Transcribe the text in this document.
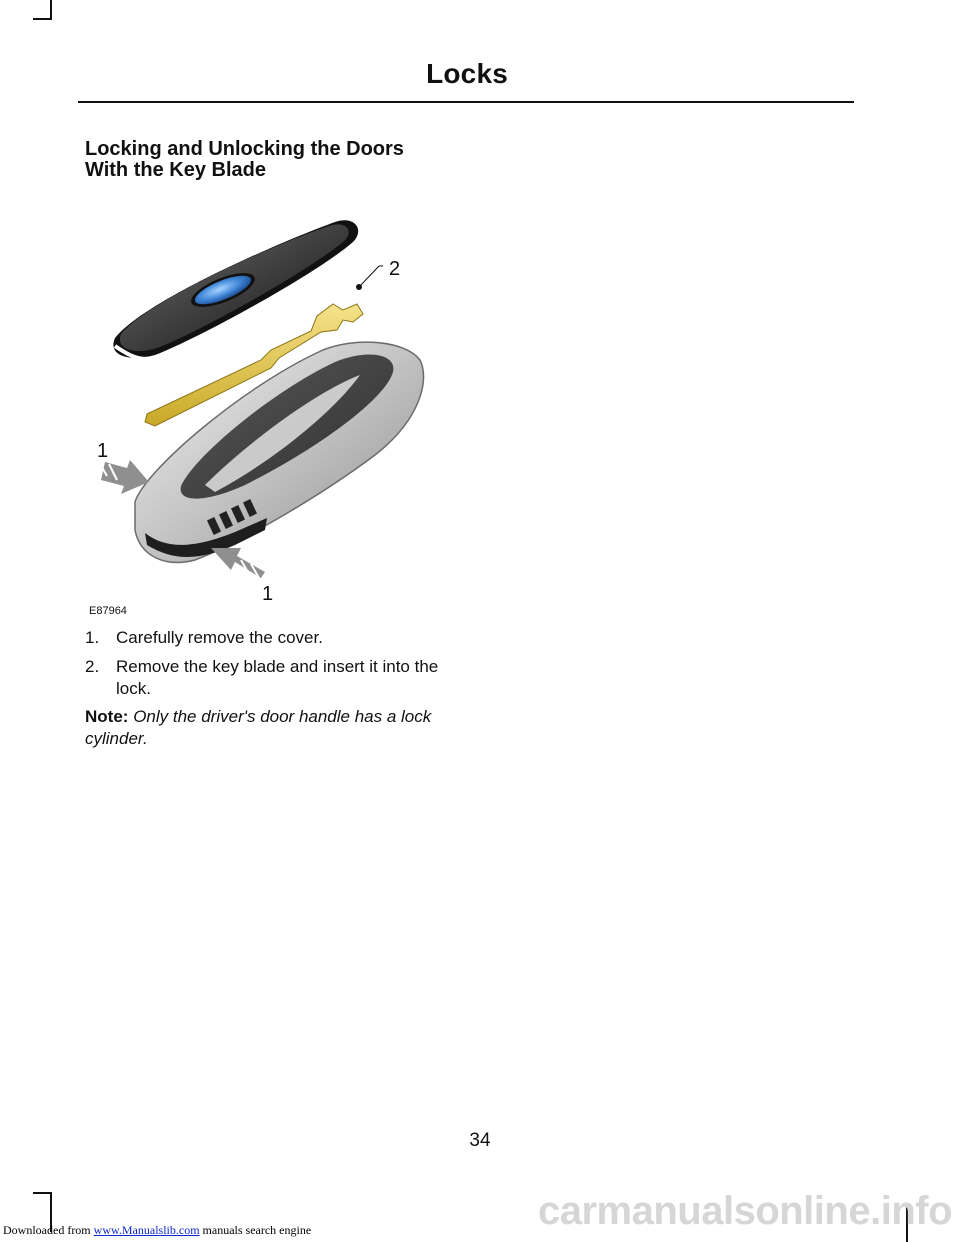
Locks
Locking and Unlocking the Doors
With the Key Blade
2
1
1
E87964
1. Carefully remove the cover.
2. Remove the key blade and insert it into the lock.
Note: Only the driver's door handle has a lock cylinder.
34
Downloaded from www.Manualslib.com manuals search engine	carmanualsonline.info
